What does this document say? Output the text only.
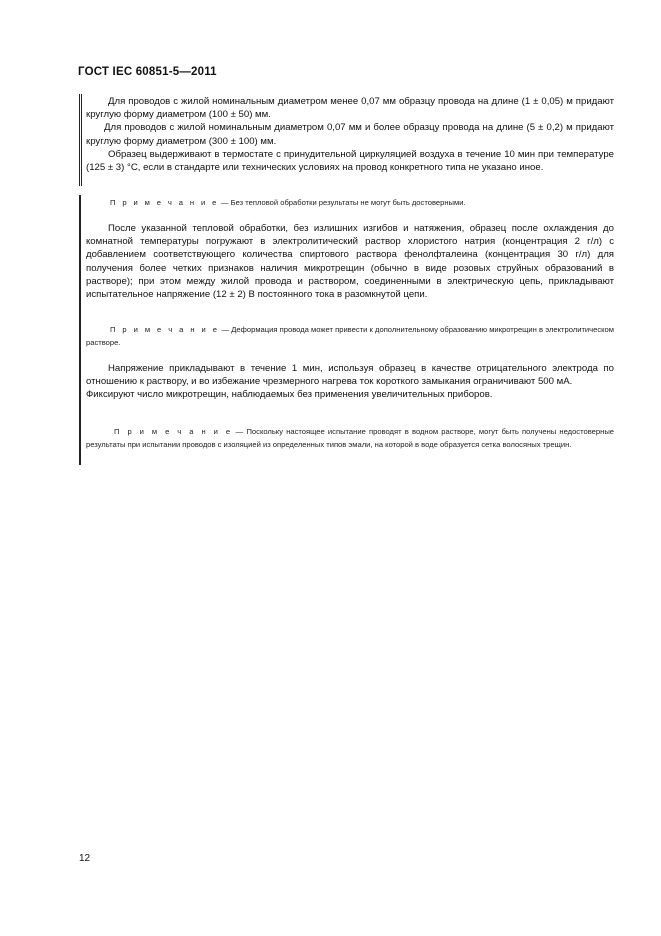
ГОСТ IEC 60851-5—2011

Для проводов с жилой номинальным диаметром менее 0,07 мм образцу провода на длине (1 ± 0,05) м придают круглую форму диаметром (100 ± 50) мм.

Для проводов с жилой номинальным диаметром 0,07 мм и более образцу провода на длине (5 ± 0,2) м придают круглую форму диаметром (300 ± 100) мм.

Образец выдерживают в термостате с принудительной циркуляцией воздуха в течение 10 мин при температуре (125 ± 3) °С, если в стандарте или технических условиях на провод конкретного типа не указано иное.

П р и м е ч а н и е — Без тепловой обработки результаты не могут быть достоверными.

После указанной тепловой обработки, без излишних изгибов и натяжения, образец после охлаждения до комнатной температуры погружают в электролитический раствор хлористого натрия (концентрация 2 г/л) с добавлением соответствующего количества спиртового раствора фенолфталеина (концентрация 30 г/л) для получения более четких признаков наличия микротрещин (обычно в виде розовых струйных образований в растворе); при этом между жилой провода и раствором, соединенными в электрическую цепь, прикладывают испытательное напряжение (12 ± 2) В постоянного тока в разомкнутой цепи.

П р и м е ч а н и е — Деформация провода может привести к дополнительному образованию микротрещин в электролитическом растворе.

Напряжение прикладывают в течение 1 мин, используя образец в качестве отрицательного электрода по отношению к раствору, и во избежание чрезмерного нагрева ток короткого замыкания ограничивают 500 мА.

Фиксируют число микротрещин, наблюдаемых без применения увеличительных приборов.

П р и м е ч а н и е — Поскольку настоящее испытание проводят в водном растворе, могут быть получены недостоверные результаты при испытании проводов с изоляцией из определенных типов эмали, на которой в воде образуется сетка волосяных трещин.

12
